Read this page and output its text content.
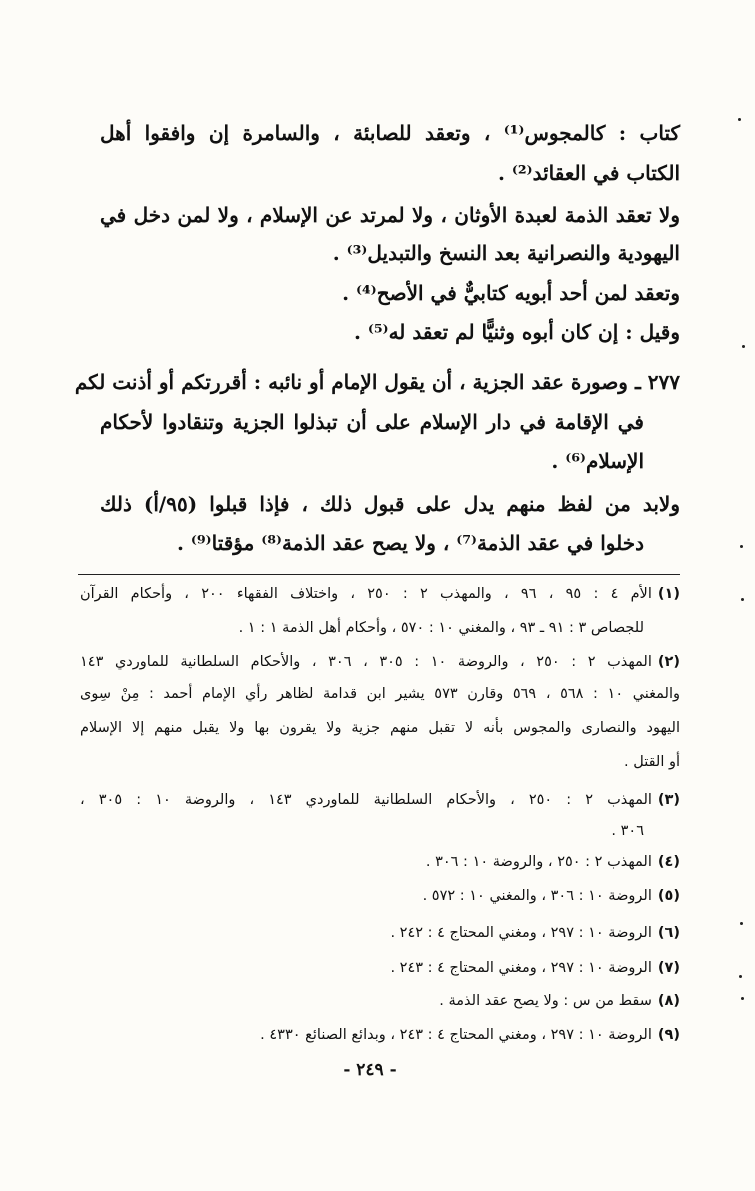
كتاب : كالمجوس⁽¹⁾ ، وتعقد للصابئة ، والسامرة إن وافقوا أهل
الكتاب في العقائد⁽²⁾ .
ولا تعقد الذمة لعبدة الأوثان ، ولا لمرتد عن الإسلام ، ولا لمن دخل في
اليهودية والنصرانية بعد النسخ والتبديل⁽³⁾ .
وتعقد لمن أحد أبويه كتابيٌّ في الأصح⁽⁴⁾ .
وقيل : إن كان أبوه وثنيًّا لم تعقد له⁽⁵⁾ .
٢٧٧ ـ وصورة عقد الجزية ، أن يقول الإمام أو نائبه : أقررتكم أو أذنت لكم
في الإقامة في دار الإسلام على أن تبذلوا الجزية وتنقادوا لأحكام
الإسلام⁽⁶⁾ .
ولابد من لفظ منهم يدل على قبول ذلك ، فإذا قبلوا (٩٥/أ) ذلك
دخلوا في عقد الذمة⁽⁷⁾ ، ولا يصح عقد الذمة⁽⁸⁾ مؤقتا⁽⁹⁾ .
(١)الأم ٤ : ٩٥ ، ٩٦ ، والمهذب ٢ : ٢٥٠ ، واختلاف الفقهاء ٢٠٠ ، وأحكام القرآن
للجصاص ٣ : ٩١ ـ ٩٣ ، والمغني ١٠ : ٥٧٠ ، وأحكام أهل الذمة ١ : ١ .
(٢)المهذب ٢ : ٢٥٠ ، والروضة ١٠ : ٣٠٥ ، ٣٠٦ ، والأحكام السلطانية للماوردي ١٤٣
والمغني ١٠ : ٥٦٨ ، ٥٦٩ وقارن ٥٧٣ يشير ابن قدامة لظاهر رأي الإمام أحمد : مِنْ سِوى
اليهود والنصارى والمجوس بأنه لا تقبل منهم جزية ولا يقرون بها ولا يقبل منهم إلا الإسلام
أو القتل .
(٣)المهذب ٢ : ٢٥٠ ، والأحكام السلطانية للماوردي ١٤٣ ، والروضة ١٠ : ٣٠٥ ،
٣٠٦ .
(٤)المهذب ٢ : ٢٥٠ ، والروضة ١٠ : ٣٠٦ .
(٥)الروضة ١٠ : ٣٠٦ ، والمغني ١٠ : ٥٧٢ .
(٦)الروضة ١٠ : ٢٩٧ ، ومغني المحتاج ٤ : ٢٤٢ .
(٧)الروضة ١٠ : ٢٩٧ ، ومغني المحتاج ٤ : ٢٤٣ .
(٨)سقط من س : ولا يصح عقد الذمة .
(٩)الروضة ١٠ : ٢٩٧ ، ومغني المحتاج ٤ : ٢٤٣ ، وبدائع الصنائع ٤٣٣٠ .
- ٢٤٩ -
